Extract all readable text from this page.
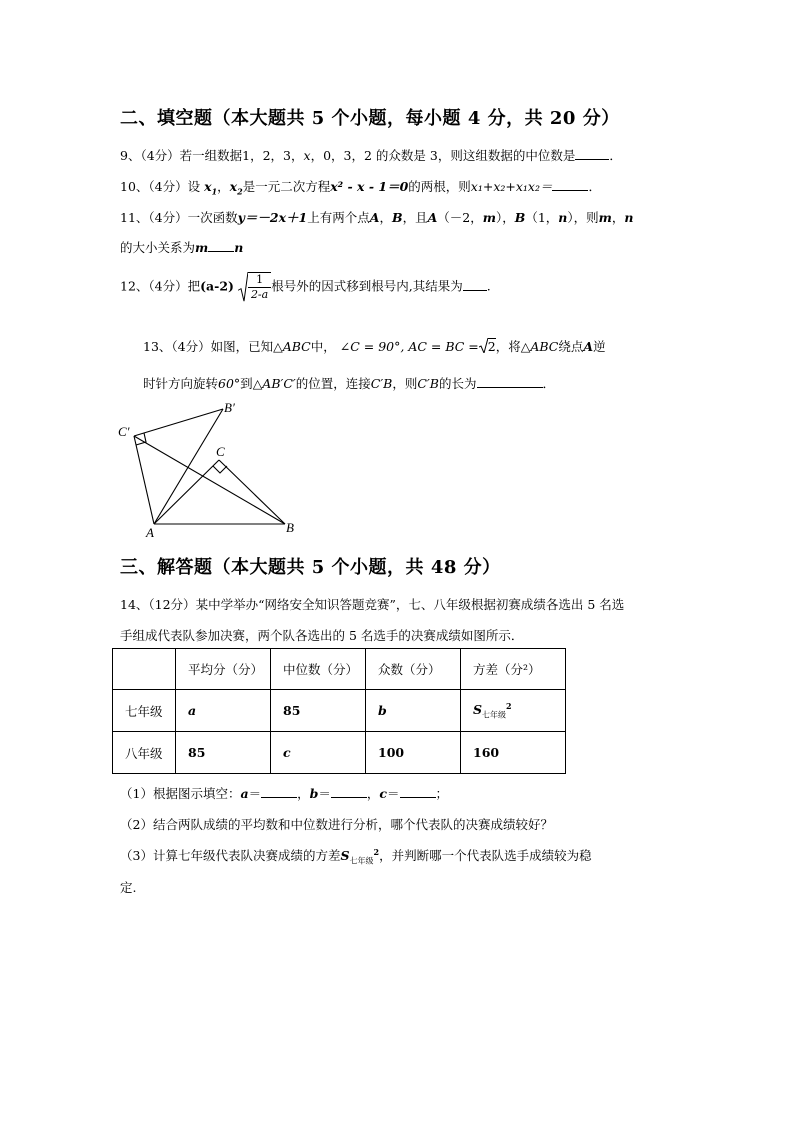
二、填空题（本大题共 5 个小题，每小题 4 分，共 20 分）
9、（4分）若一组数据1，2，3，x，0，3，2 的众数是 3，则这组数据的中位数是	．
10、（4分）设 $x_1$，$x_2$是一元二次方程x² - x - 1＝0的两根，则x₁+x₂+x₁x₂＝	．
11、（4分）一次函数y＝－2x＋1上有两个点A，B，且A（－2，m），B（1，n），则m，n
的大小关系为m n
12、（4分）把$(a-2) \frac{1}{2-a}$ 根号外的因式移到根号内,其结果为 .
13、（4分）如图，已知△ABC中， ∠C = 90°, AC = BC = 2，将△ABC绕点A逆
时针方向旋转60°到△AB′C′的位置，连接C′B，则C′B的长为	．
B′
C′
C
A	B
三、解答题（本大题共 5 个小题，共 48 分）
14、（12分）某中学举办“网络安全知识答题竞赛”，七、八年级根据初赛成绩各选出 5 名选
手组成代表队参加决赛，两个队各选出的 5 名选手的决赛成绩如图所示．
	平均分（分）	中位数（分）	众数（分）	方差（分²）
七年级	a	85	b	$S_{七年级}^2$
八年级	85	c	100	160
（1）根据图示填空：a＝	，b＝	，c＝	；
（2）结合两队成绩的平均数和中位数进行分析，哪个代表队的决赛成绩较好？
（3）计算七年级代表队决赛成绩的方差$S_{七年级}^2$，并判断哪一个代表队选手成绩较为稳
定.
